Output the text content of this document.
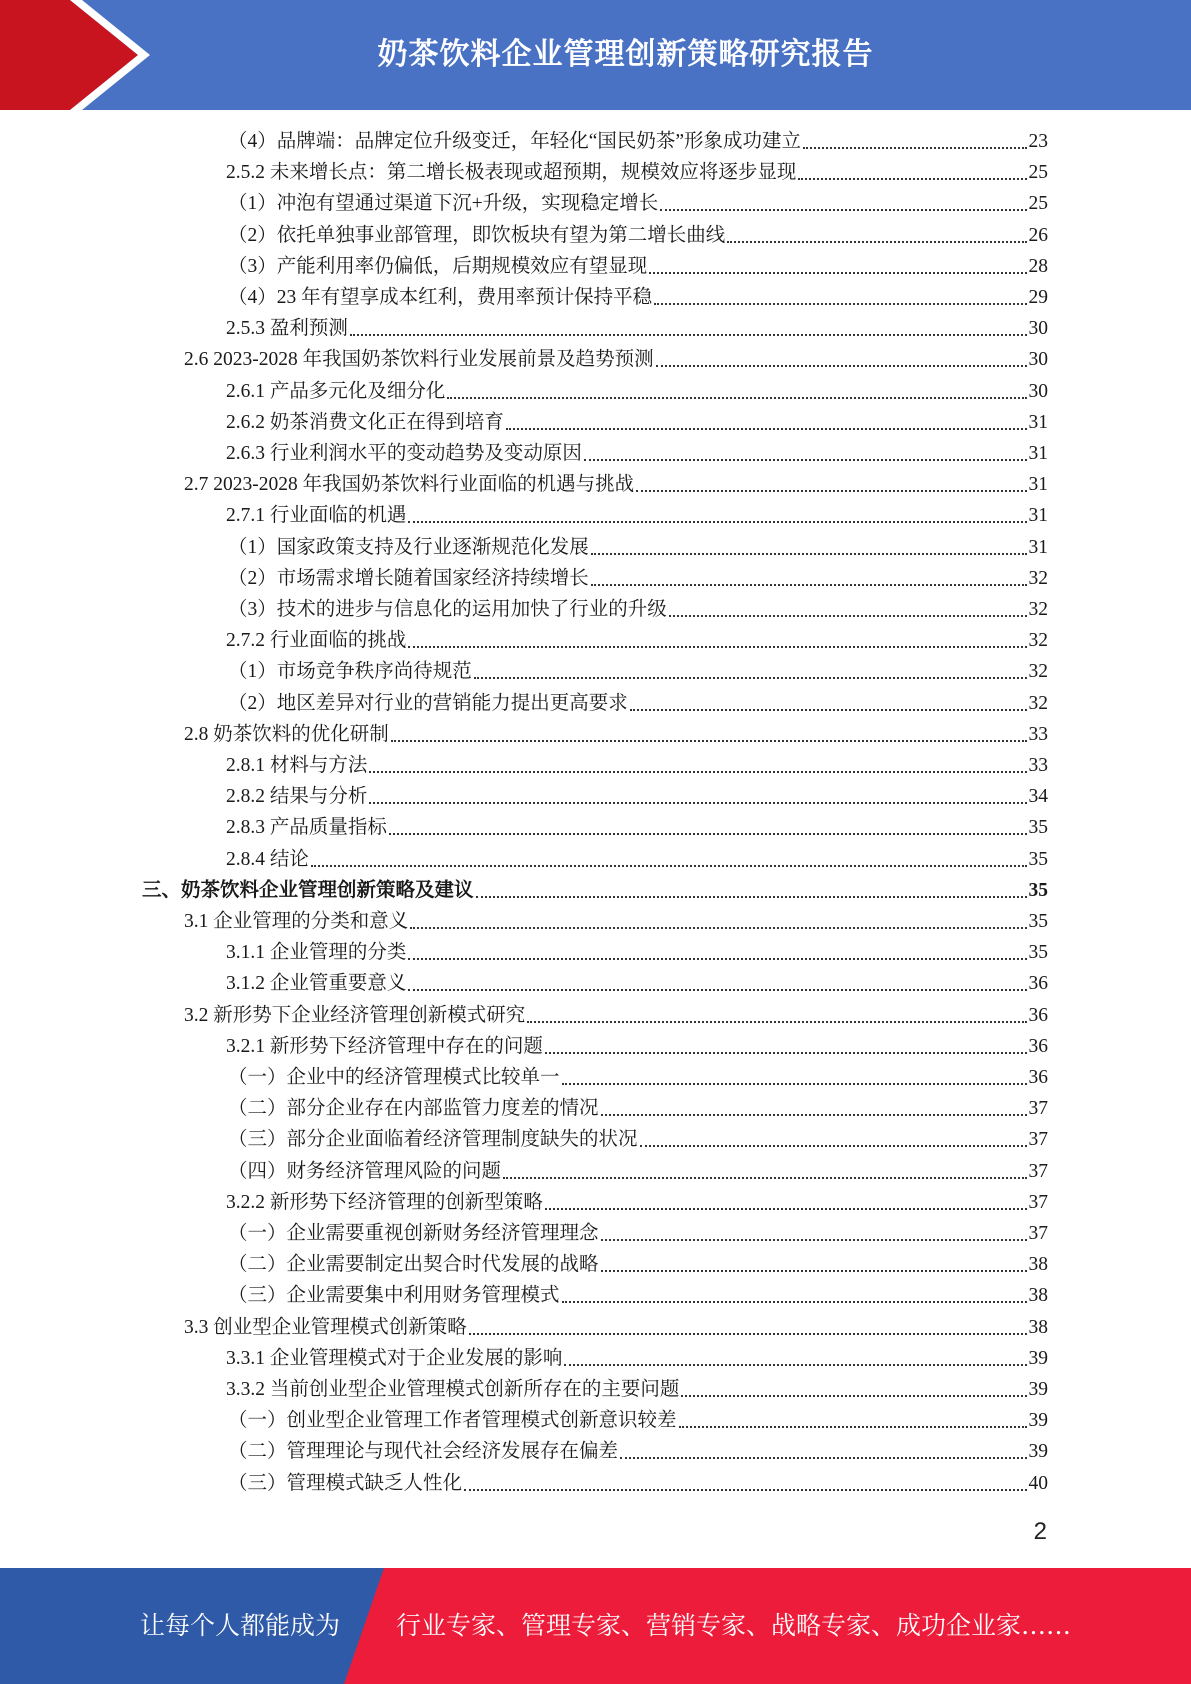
奶茶饮料企业管理创新策略研究报告
（4）品牌端：品牌定位升级变迁，年轻化“国民奶茶”形象成功建立	23
2.5.2 未来增长点：第二增长极表现或超预期，规模效应将逐步显现	25
（1）冲泡有望通过渠道下沉+升级，实现稳定增长	25
（2）依托单独事业部管理，即饮板块有望为第二增长曲线	26
（3）产能利用率仍偏低，后期规模效应有望显现	28
（4）23 年有望享成本红利，费用率预计保持平稳	29
2.5.3 盈利预测	30
2.6 2023-2028 年我国奶茶饮料行业发展前景及趋势预测	30
2.6.1 产品多元化及细分化	30
2.6.2 奶茶消费文化正在得到培育	31
2.6.3 行业利润水平的变动趋势及变动原因	31
2.7 2023-2028 年我国奶茶饮料行业面临的机遇与挑战	31
2.7.1 行业面临的机遇	31
（1）国家政策支持及行业逐渐规范化发展	31
（2）市场需求增长随着国家经济持续增长	32
（3）技术的进步与信息化的运用加快了行业的升级	32
2.7.2 行业面临的挑战	32
（1）市场竞争秩序尚待规范	32
（2）地区差异对行业的营销能力提出更高要求	32
2.8 奶茶饮料的优化研制	33
2.8.1 材料与方法	33
2.8.2 结果与分析	34
2.8.3 产品质量指标	35
2.8.4 结论	35
三、奶茶饮料企业管理创新策略及建议	35
3.1 企业管理的分类和意义	35
3.1.1 企业管理的分类	35
3.1.2 企业管重要意义	36
3.2 新形势下企业经济管理创新模式研究	36
3.2.1 新形势下经济管理中存在的问题	36
（一）企业中的经济管理模式比较单一	36
（二）部分企业存在内部监管力度差的情况	37
（三）部分企业面临着经济管理制度缺失的状况	37
（四）财务经济管理风险的问题	37
3.2.2 新形势下经济管理的创新型策略	37
（一）企业需要重视创新财务经济管理理念	37
（二）企业需要制定出契合时代发展的战略	38
（三）企业需要集中利用财务管理模式	38
3.3 创业型企业管理模式创新策略	38
3.3.1 企业管理模式对于企业发展的影响	39
3.3.2 当前创业型企业管理模式创新所存在的主要问题	39
（一）创业型企业管理工作者管理模式创新意识较差	39
（二）管理理论与现代社会经济发展存在偏差	39
（三）管理模式缺乏人性化	40
2
让每个人都能成为 行业专家、管理专家、营销专家、战略专家、成功企业家……
